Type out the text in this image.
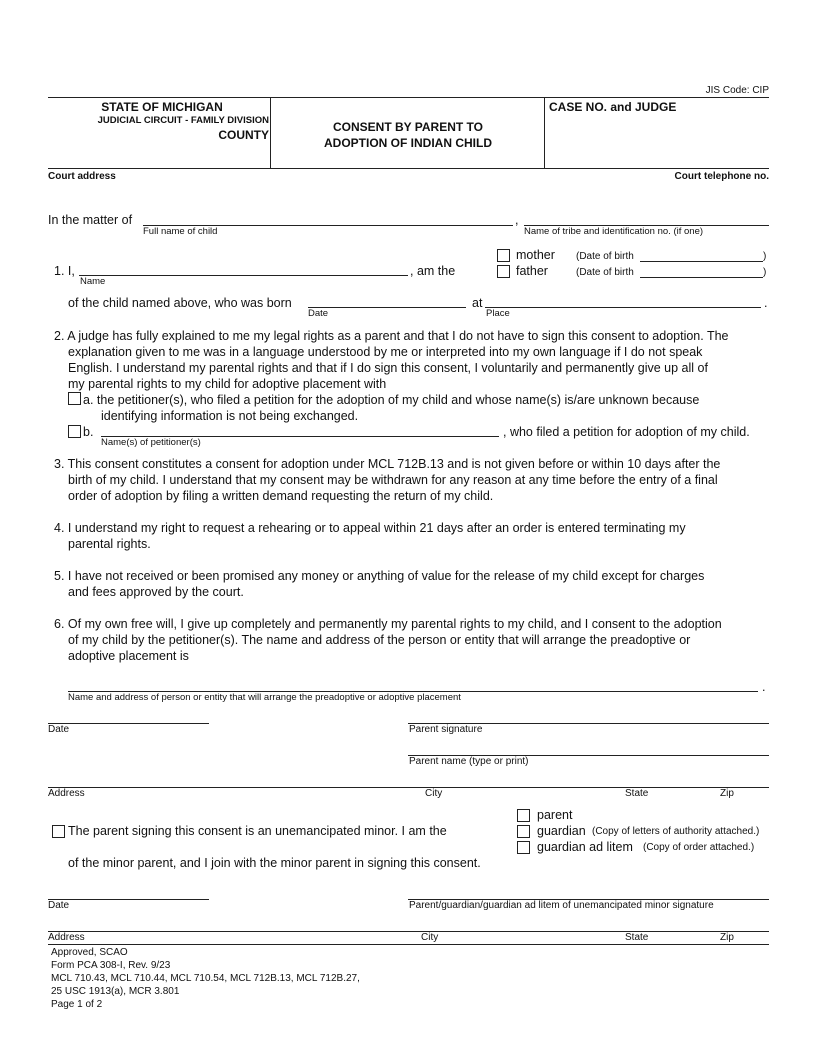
JIS Code: CIP
STATE OF MICHIGAN
JUDICIAL CIRCUIT - FAMILY DIVISION
COUNTY
CONSENT BY PARENT TO
ADOPTION OF INDIAN CHILD
CASE NO. and JUDGE
Court address	Court telephone no.
In the matter of	,
Full name of child	Name of tribe and identification no. (if one)
mother (Date of birth	)
1. I,	, am the
Name
father	(Date of birth	)
of the child named above, who was born	at	.
Date	Place
2. A judge has fully explained to me my legal rights as a parent and that I do not have to sign this consent to adoption. The
explanation given to me was in a language understood by me or interpreted into my own language if I do not speak
English. I understand my parental rights and that if I do sign this consent, I voluntarily and permanently give up all of
my parental rights to my child for adoptive placement with
a. the petitioner(s), who filed a petition for the adoption of my child and whose name(s) is/are unknown because
identifying information is not being exchanged.
b.	, who filed a petition for adoption of my child.
Name(s) of petitioner(s)
3. This consent constitutes a consent for adoption under MCL 712B.13 and is not given before or within 10 days after the
birth of my child. I understand that my consent may be withdrawn for any reason at any time before the entry of a final
order of adoption by filing a written demand requesting the return of my child.
4. I understand my right to request a rehearing or to appeal within 21 days after an order is entered terminating my
parental rights.
5. I have not received or been promised any money or anything of value for the release of my child except for charges
and fees approved by the court.
6. Of my own free will, I give up completely and permanently my parental rights to my child, and I consent to the adoption
of my child by the petitioner(s). The name and address of the person or entity that will arrange the preadoptive or
adoptive placement is
.
Name and address of person or entity that will arrange the preadoptive or adoptive placement
Date	Parent signature
Parent name (type or print)
Address	City	State	Zip
parent
The parent signing this consent is an unemancipated minor. I am the	guardian (Copy of letters of authority attached.)
guardian ad litem (Copy of order attached.)
of the minor parent, and I join with the minor parent in signing this consent.
Date	Parent/guardian/guardian ad litem of unemancipated minor signature
Address	City	State	Zip
Approved, SCAO
Form PCA 308-I, Rev. 9/23
MCL 710.43, MCL 710.44, MCL 710.54, MCL 712B.13, MCL 712B.27,
25 USC 1913(a), MCR 3.801
Page 1 of 2
